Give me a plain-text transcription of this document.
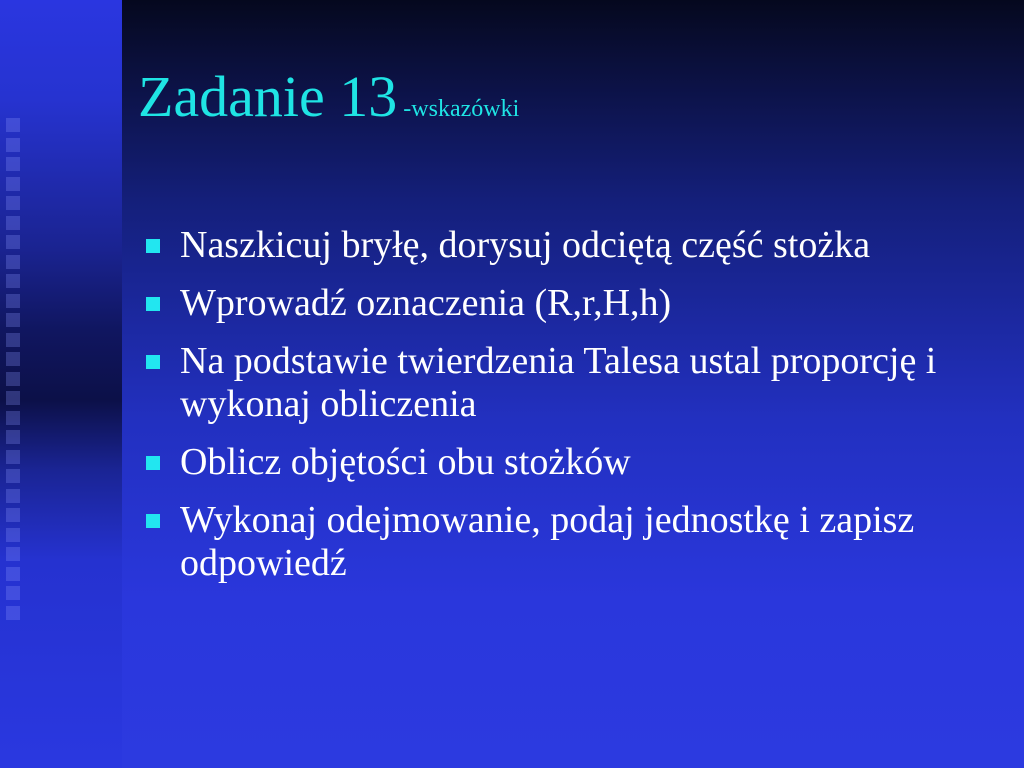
Zadanie 13 -wskazówki
Naszkicuj bryłę, dorysuj odciętą część stożka
Wprowadź oznaczenia (R,r,H,h)
Na podstawie twierdzenia Talesa ustal proporcję i wykonaj obliczenia
Oblicz objętości obu stożków
Wykonaj odejmowanie, podaj jednostkę i zapisz odpowiedź
